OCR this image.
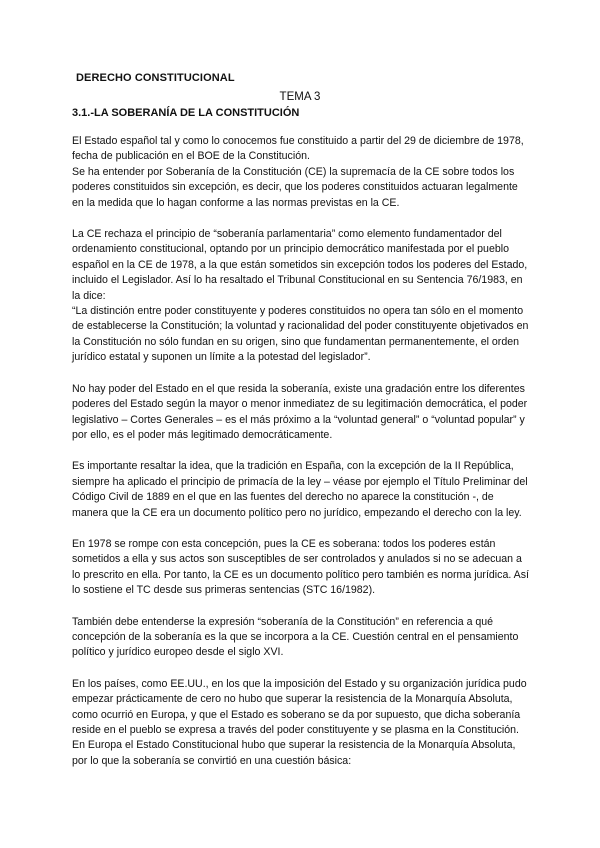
DERECHO CONSTITUCIONAL
TEMA 3
3.1.-LA SOBERANÍA DE LA CONSTITUCIÓN

El Estado español tal y como lo conocemos fue constituido a partir del 29 de diciembre de 1978, fecha de publicación en el BOE de la Constitución.

Se ha entender por Soberanía de la Constitución (CE) la supremacía de la CE sobre todos los poderes constituidos sin excepción, es decir, que los poderes constituidos actuaran legalmente en la medida que lo hagan conforme a las normas previstas en la CE.

La CE rechaza el principio de “soberanía parlamentaria” como elemento fundamentador del ordenamiento constitucional, optando por un principio democrático manifestada por el pueblo español en la CE de 1978, a la que están sometidos sin excepción todos los poderes del Estado, incluido el Legislador. Así lo ha resaltado el Tribunal Constitucional en su Sentencia 76/1983, en la dice:

“La distinción entre poder constituyente y poderes constituidos no opera tan sólo en el momento de establecerse la Constitución; la voluntad y racionalidad del poder constituyente objetivados en la Constitución no sólo fundan en su origen, sino que fundamentan permanentemente, el orden jurídico estatal y suponen un límite a la potestad del legislador”.

No hay poder del Estado en el que resida la soberanía, existe una gradación entre los diferentes poderes del Estado según la mayor o menor inmediatez de su legitimación democrática, el poder legislativo – Cortes Generales – es el más próximo a la “voluntad general” o “voluntad popular” y por ello, es el poder más legitimado democráticamente.

Es importante resaltar la idea, que la tradición en España, con la excepción de la II República, siempre ha aplicado el principio de primacía de la ley – véase por ejemplo el Título Preliminar del Código Civil de 1889 en el que en las fuentes del derecho no aparece la constitución -, de manera que la CE era un documento político pero no jurídico, empezando el derecho con la ley.

En 1978 se rompe con esta concepción, pues la CE es soberana: todos los poderes están sometidos a ella y sus actos son susceptibles de ser controlados y anulados si no se adecuan a lo prescrito en ella. Por tanto, la CE es un documento político pero también es norma jurídica. Así lo sostiene el TC desde sus primeras sentencias (STC 16/1982).

También debe entenderse la expresión “soberanía de la Constitución” en referencia a qué concepción de la soberanía es la que se incorpora a la CE. Cuestión central en el pensamiento político y jurídico europeo desde el siglo XVI.

En los países, como EE.UU., en los que la imposición del Estado y su organización jurídica pudo empezar prácticamente de cero no hubo que superar la resistencia de la Monarquía Absoluta, como ocurrió en Europa, y que el Estado es soberano se da por supuesto, que dicha soberanía reside en el pueblo se expresa a través del poder constituyente y se plasma en la Constitución.

En Europa el Estado Constitucional hubo que superar la resistencia de la Monarquía Absoluta, por lo que la soberanía se convirtió en una cuestión básica:
